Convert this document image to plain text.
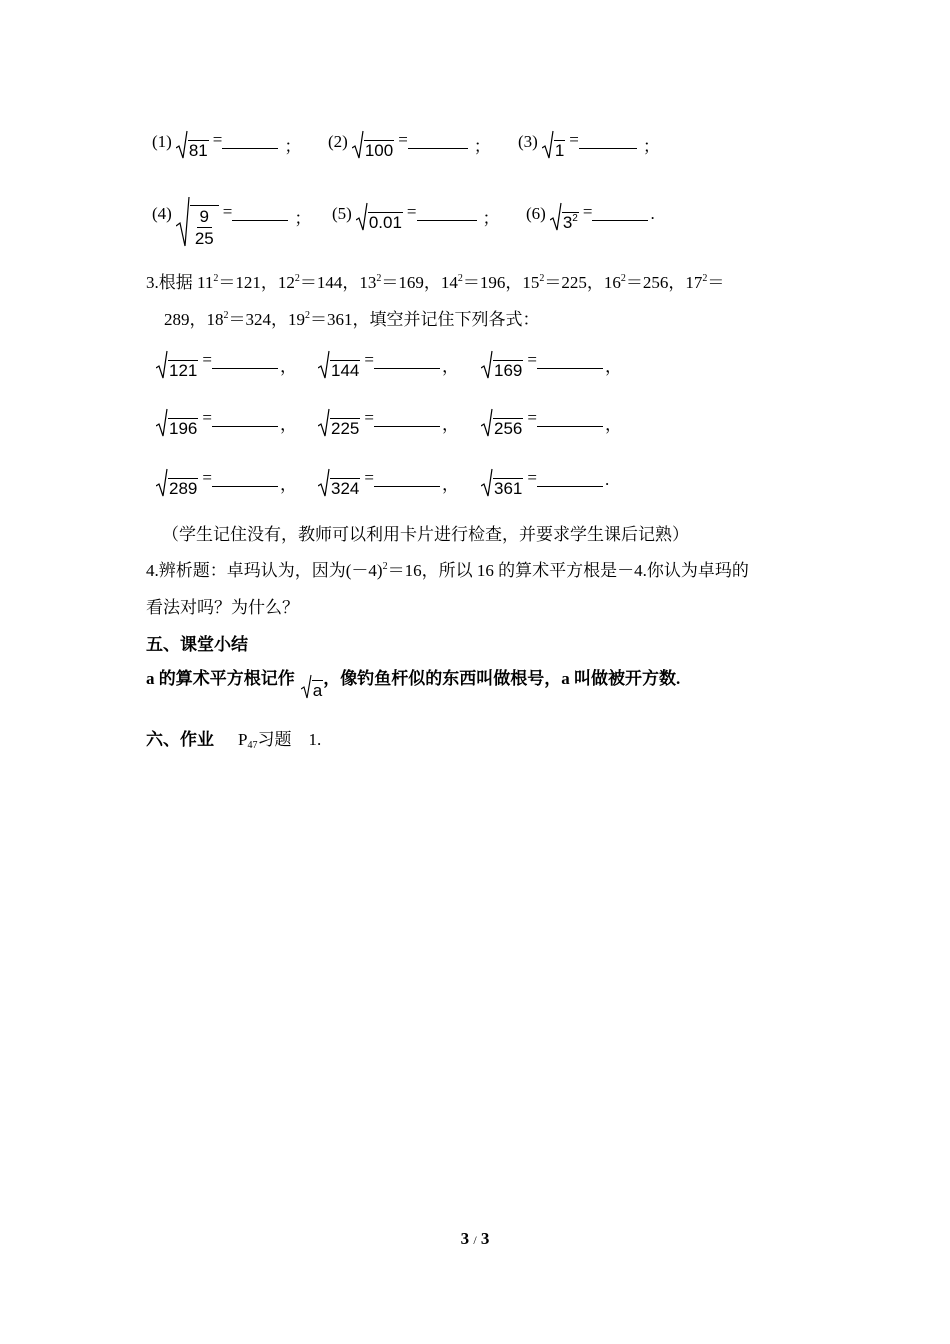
(1) 81
=	； (2) 100
=	； (3) 1
=	；
$(4) \frac{9}{25}$ =	； (5) 0.01
=	； (6) $3^2$ =	.
3.根据 $11^2=121$，$12^2=144$，$13^2=169$，$14^2=196$，$15^2=225$，$16^2=256$，$17^2=$
289，$18^2=324$，$19^2=361$，填空并记住下列各式：
121
=	， 144
=	， 169
=	，
196
=	， 225
=	， 256
=	，
289
=	， 324
=	， 361
=	.
（学生记住没有，教师可以利用卡片进行检查，并要求学生课后记熟）
4.辨析题：卓玛认为，因为$(-4)^2=16$，所以 16 的算术平方根是－4.你认为卓玛的
看法对吗？为什么？
五、课堂小结
a 的算术平方根记作
a
，像钓鱼杆似的东西叫做根号，a 叫做被开方数.
六、作业 $P_{47}$习题　1.
3 / 3
